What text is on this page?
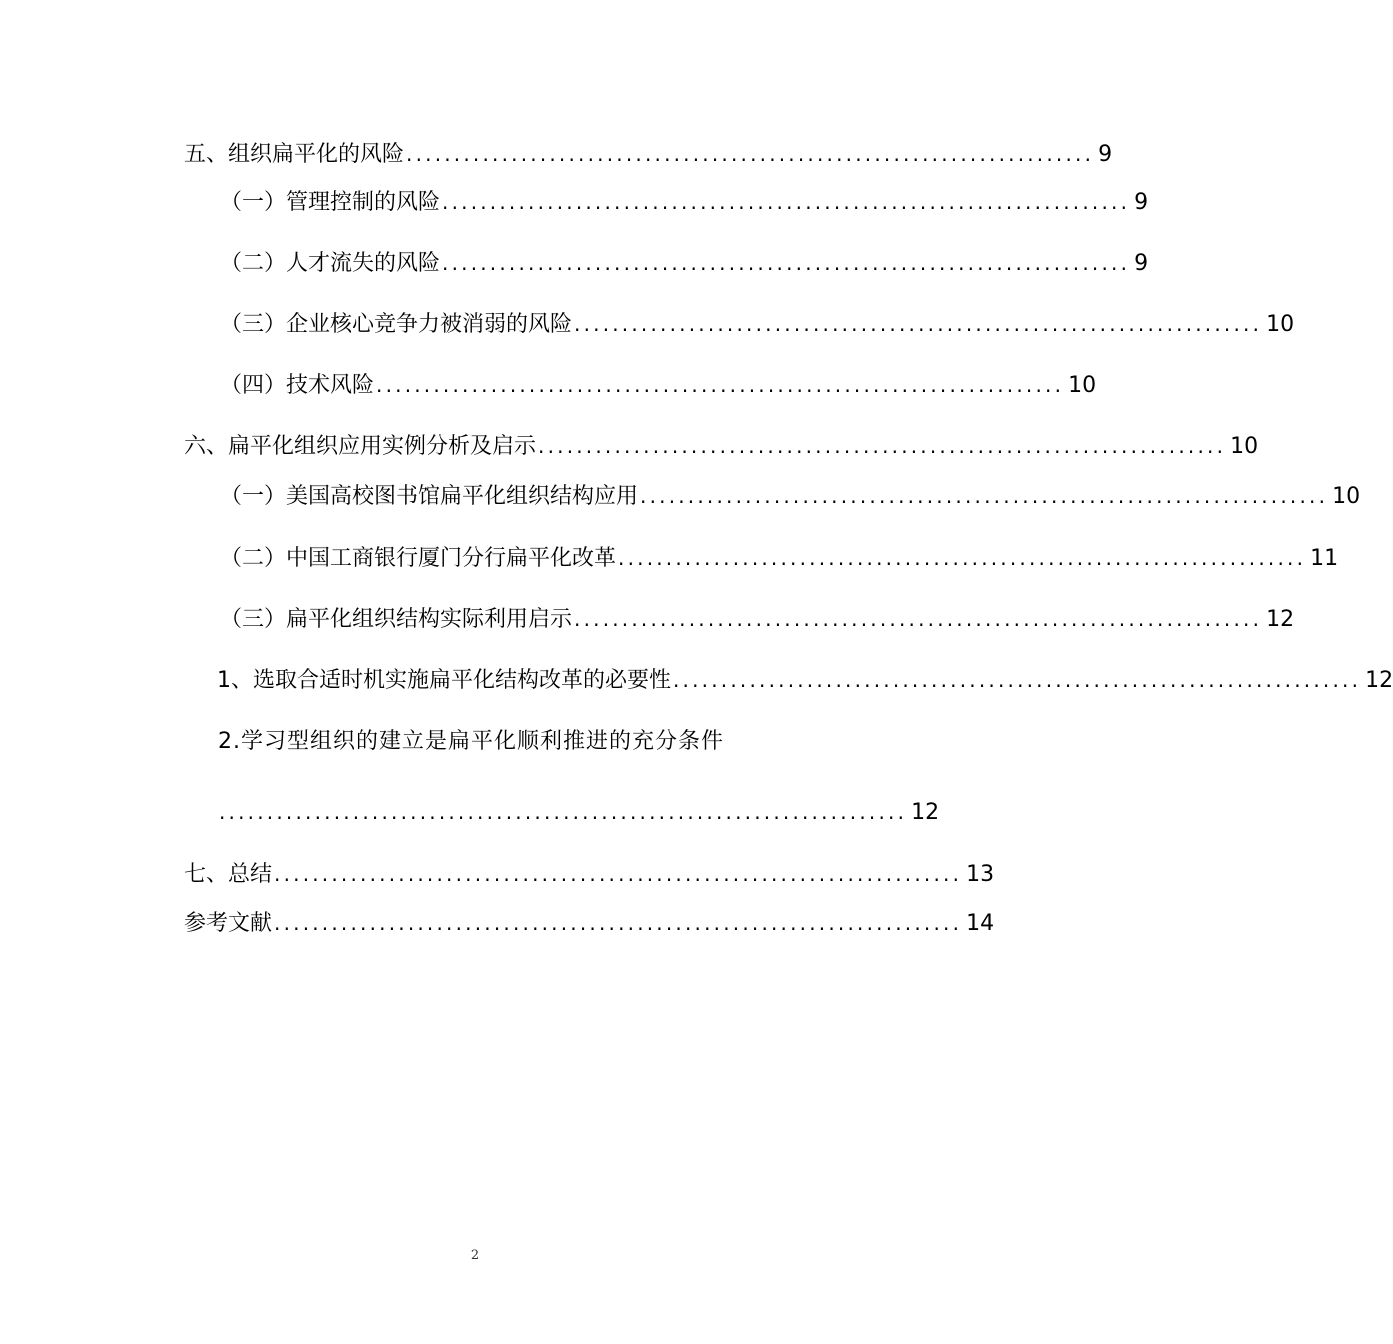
五、组织扁平化的风险 ........................................................................ 9
（一）管理控制的风险 ........................................................................ 9
（二）人才流失的风险 ........................................................................ 9
（三）企业核心竞争力被消弱的风险 ........................................................................ 10
（四）技术风险 ........................................................................ 10
六、扁平化组织应用实例分析及启示 ........................................................................ 10
（一）美国高校图书馆扁平化组织结构应用 ........................................................................ 10
（二）中国工商银行厦门分行扁平化改革 ........................................................................ 11
（三）扁平化组织结构实际利用启示 ........................................................................ 12
1、选取合适时机实施扁平化结构改革的必要性 ........................................................................ 12
2.学习型组织的建立是扁平化顺利推进的充分条件
........................................................................ 12
七、总结 ........................................................................ 13
参考文献 ........................................................................ 14
2
